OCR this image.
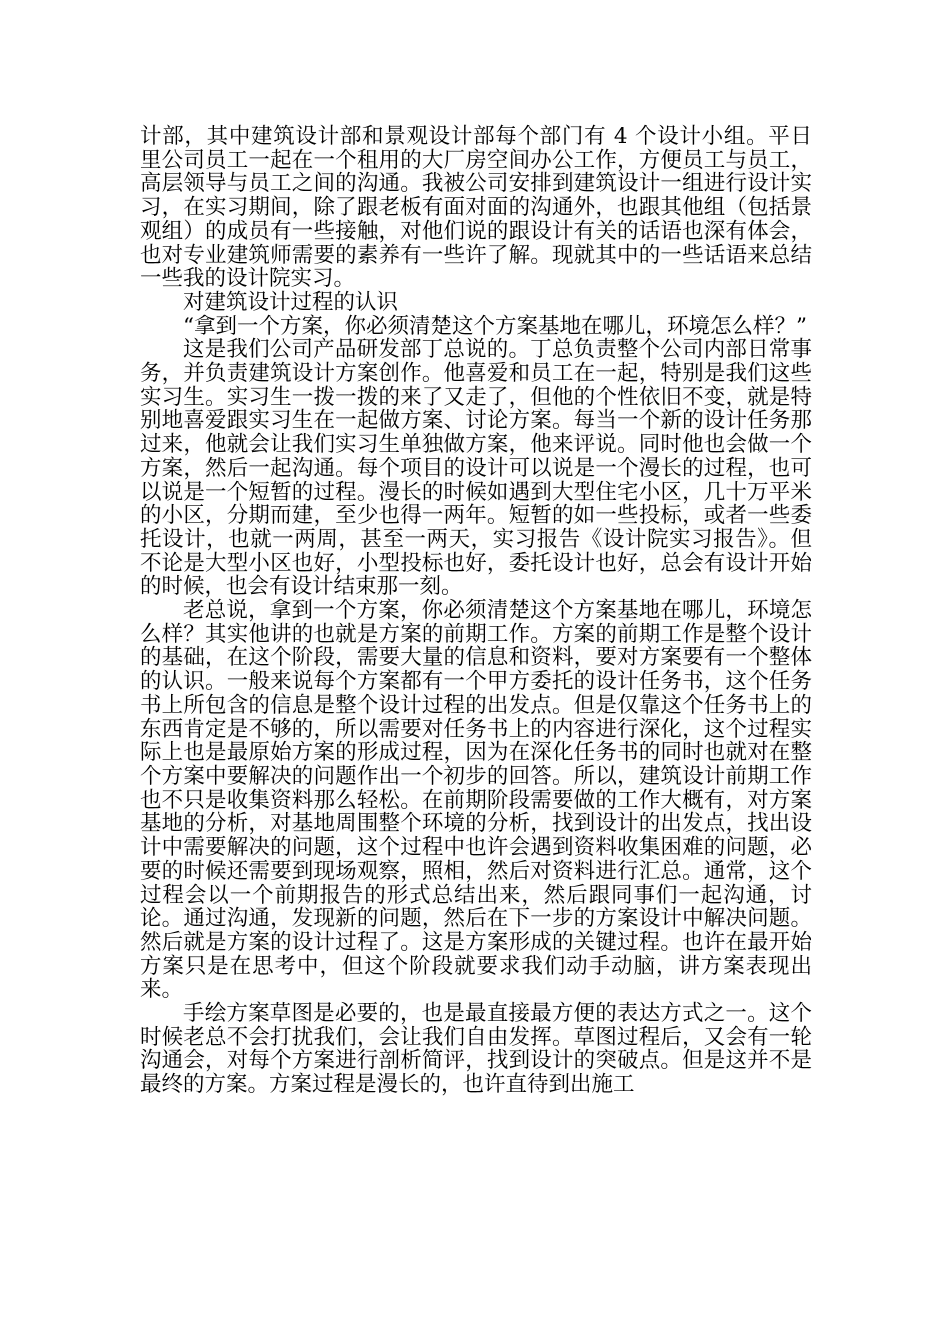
计部，其中建筑设计部和景观设计部每个部门有 4 个设计小组。平日里公司员工一起在一个租用的大厂房空间办公工作，方便员工与员工，高层领导与员工之间的沟通。我被公司安排到建筑设计一组进行设计实习，在实习期间，除了跟老板有面对面的沟通外，也跟其他组（包括景观组）的成员有一些接触，对他们说的跟设计有关的话语也深有体会，也对专业建筑师需要的素养有一些许了解。现就其中的一些话语来总结一些我的设计院实习。

对建筑设计过程的认识

“拿到一个方案，你必须清楚这个方案基地在哪儿，环境怎么样？”

这是我们公司产品研发部丁总说的。丁总负责整个公司内部日常事务，并负责建筑设计方案创作。他喜爱和员工在一起，特别是我们这些实习生。实习生一拨一拨的来了又走了，但他的个性依旧不变，就是特别地喜爱跟实习生在一起做方案、讨论方案。每当一个新的设计任务那过来，他就会让我们实习生单独做方案，他来评说。同时他也会做一个方案，然后一起沟通。每个项目的设计可以说是一个漫长的过程，也可以说是一个短暂的过程。漫长的时候如遇到大型住宅小区，几十万平米的小区，分期而建，至少也得一两年。短暂的如一些投标，或者一些委托设计，也就一两周，甚至一两天，实习报告《设计院实习报告》。但不论是大型小区也好，小型投标也好，委托设计也好，总会有设计开始的时候，也会有设计结束那一刻。

老总说，拿到一个方案，你必须清楚这个方案基地在哪儿，环境怎么样？其实他讲的也就是方案的前期工作。方案的前期工作是整个设计的基础，在这个阶段，需要大量的信息和资料，要对方案要有一个整体的认识。一般来说每个方案都有一个甲方委托的设计任务书，这个任务书上所包含的信息是整个设计过程的出发点。但是仅靠这个任务书上的东西肯定是不够的，所以需要对任务书上的内容进行深化，这个过程实际上也是最原始方案的形成过程，因为在深化任务书的同时也就对在整个方案中要解决的问题作出一个初步的回答。所以，建筑设计前期工作也不只是收集资料那么轻松。在前期阶段需要做的工作大概有，对方案基地的分析，对基地周围整个环境的分析，找到设计的出发点，找出设计中需要解决的问题，这个过程中也许会遇到资料收集困难的问题，必要的时候还需要到现场观察，照相，然后对资料进行汇总。通常，这个过程会以一个前期报告的形式总结出来，然后跟同事们一起沟通，讨论。通过沟通，发现新的问题，然后在下一步的方案设计中解决问题。然后就是方案的设计过程了。这是方案形成的关键过程。也许在最开始方案只是在思考中，但这个阶段就要求我们动手动脑，讲方案表现出来。

手绘方案草图是必要的，也是最直接最方便的表达方式之一。这个时候老总不会打扰我们，会让我们自由发挥。草图过程后，又会有一轮沟通会，对每个方案进行剖析简评，找到设计的突破点。但是这并不是最终的方案。方案过程是漫长的，也许直待到出施工
